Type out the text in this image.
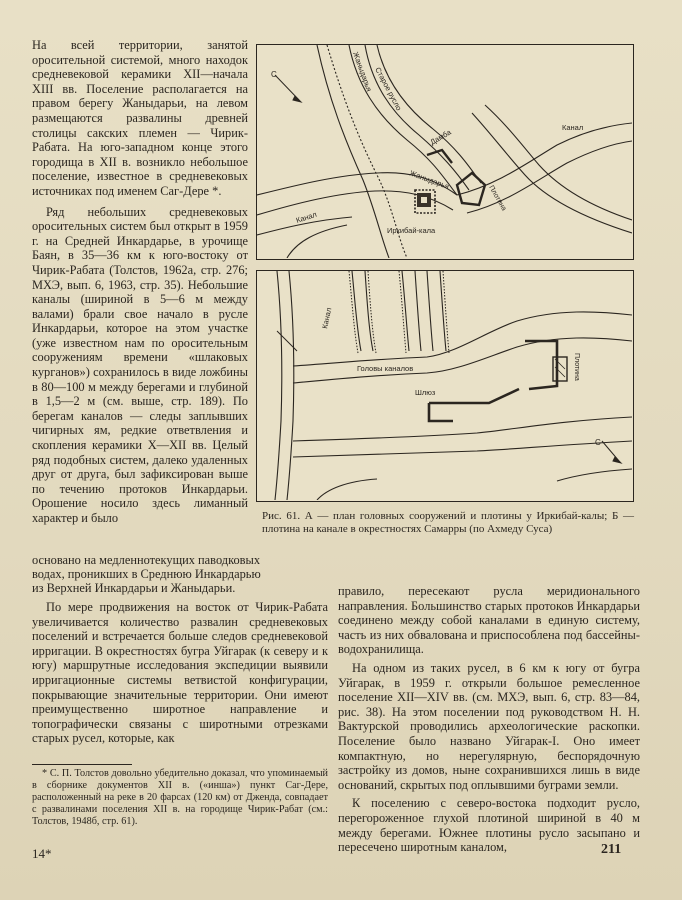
На всей территории, занятой оросительной системой, много находок средневековой керамики XII—начала XIII вв. Поселение располагается на правом берегу Жаныдарьи, на левом размещаются развалины древней столицы сакских племен — Чирик-Рабата. На юго-западном конце этого городища в XII в. возникло небольшое поселение, известное в средневековых источниках под именем Саг-Дере *.

Ряд небольших средневековых оросительных систем был открыт в 1959 г. на Средней Инкардарье, в урочище Баян, в 35—36 км к юго-востоку от Чирик-Рабата (Толстов, 1962а, стр. 276; МХЭ, вып. 6, 1963, стр. 35). Небольшие каналы (шириной в 5—6 м между валами) брали свое начало в русле Инкардарьи, которое на этом участке (уже известном нам по оросительным сооружениям времени «шлаковых курганов») сохранилось в виде ложбины в 80—100 м между берегами и глубиной в 1,5—2 м (см. выше, стр. 189). По берегам каналов — следы заплывших чигирных ям, редкие ответвления и скопления керамики X—XII вв. Целый ряд подобных систем, далеко удаленных друг от друга, был зафиксирован выше по течению протоков Инкардарьи. Орошение носило здесь лиманный характер и было

основано на медленнотекущих паводковых
водах, проникших в Среднюю Инкардарью
из Верхней Инкардарьи и Жаныдарьи.

По мере продвижения на восток от Чирик-Рабата увеличивается количество развалин средневековых поселений и встречается больше следов средневековой ирригации. В окрестностях бугра Уйгарак (к северу и к югу) маршрутные исследования экспедиции выявили ирригационные системы ветвистой конфигурации, покрывающие значительные территории. Они имеют преимущественно широтное направление и топографически связаны с широтными отрезками старых русел, которые, как

правило, пересекают русла меридионального направления. Большинство старых протоков Инкардарьи соединено между собой каналами в единую систему, часть из них обвалована и приспособлена под бассейны-водохранилища.

На одном из таких русел, в 6 км к югу от бугра Уйгарак, в 1959 г. открыли большое ремесленное поселение XII—XIV вв. (см. МХЭ, вып. 6, стр. 83—84, рис. 38). На этом поселении под руководством Н. Н. Вактурской проводились археологические раскопки. Поселение было названо Уйгарак-I. Оно имеет компактную, но нерегулярную, беспорядочную застройку из домов, ныне сохранившихся лишь в виде оснований, скрытых под оплывшими буграми земли.

К поселению с северо-востока подходит русло, перегороженное глухой плотиной шириной в 40 м между берегами. Южнее плотины русло засыпано и пересечено широтным каналом,

С	Жаныдарья Старое русло
Жаныдарья
Дамба
Канал
Канал
Плотина
Иркибай-кала
С
Канал
Головы каналов
Шлюз
Плотина
Рис. 61. А — план головных сооружений и плотины у Иркибай-калы; Б — плотина на канале в окрестностях Самарры (по Ахмеду Суса)

* С. П. Толстов довольно убедительно доказал, что упоминаемый в сборнике документов XII в. («инша») пункт Саг-Дере, расположенный на реке в 20 фарсах (120 км) от Дженда, совпадает с развалинами поселения XII в. на городище Чирик-Рабат (см.: Толстов, 1948б, стр. 61).

14*	211
